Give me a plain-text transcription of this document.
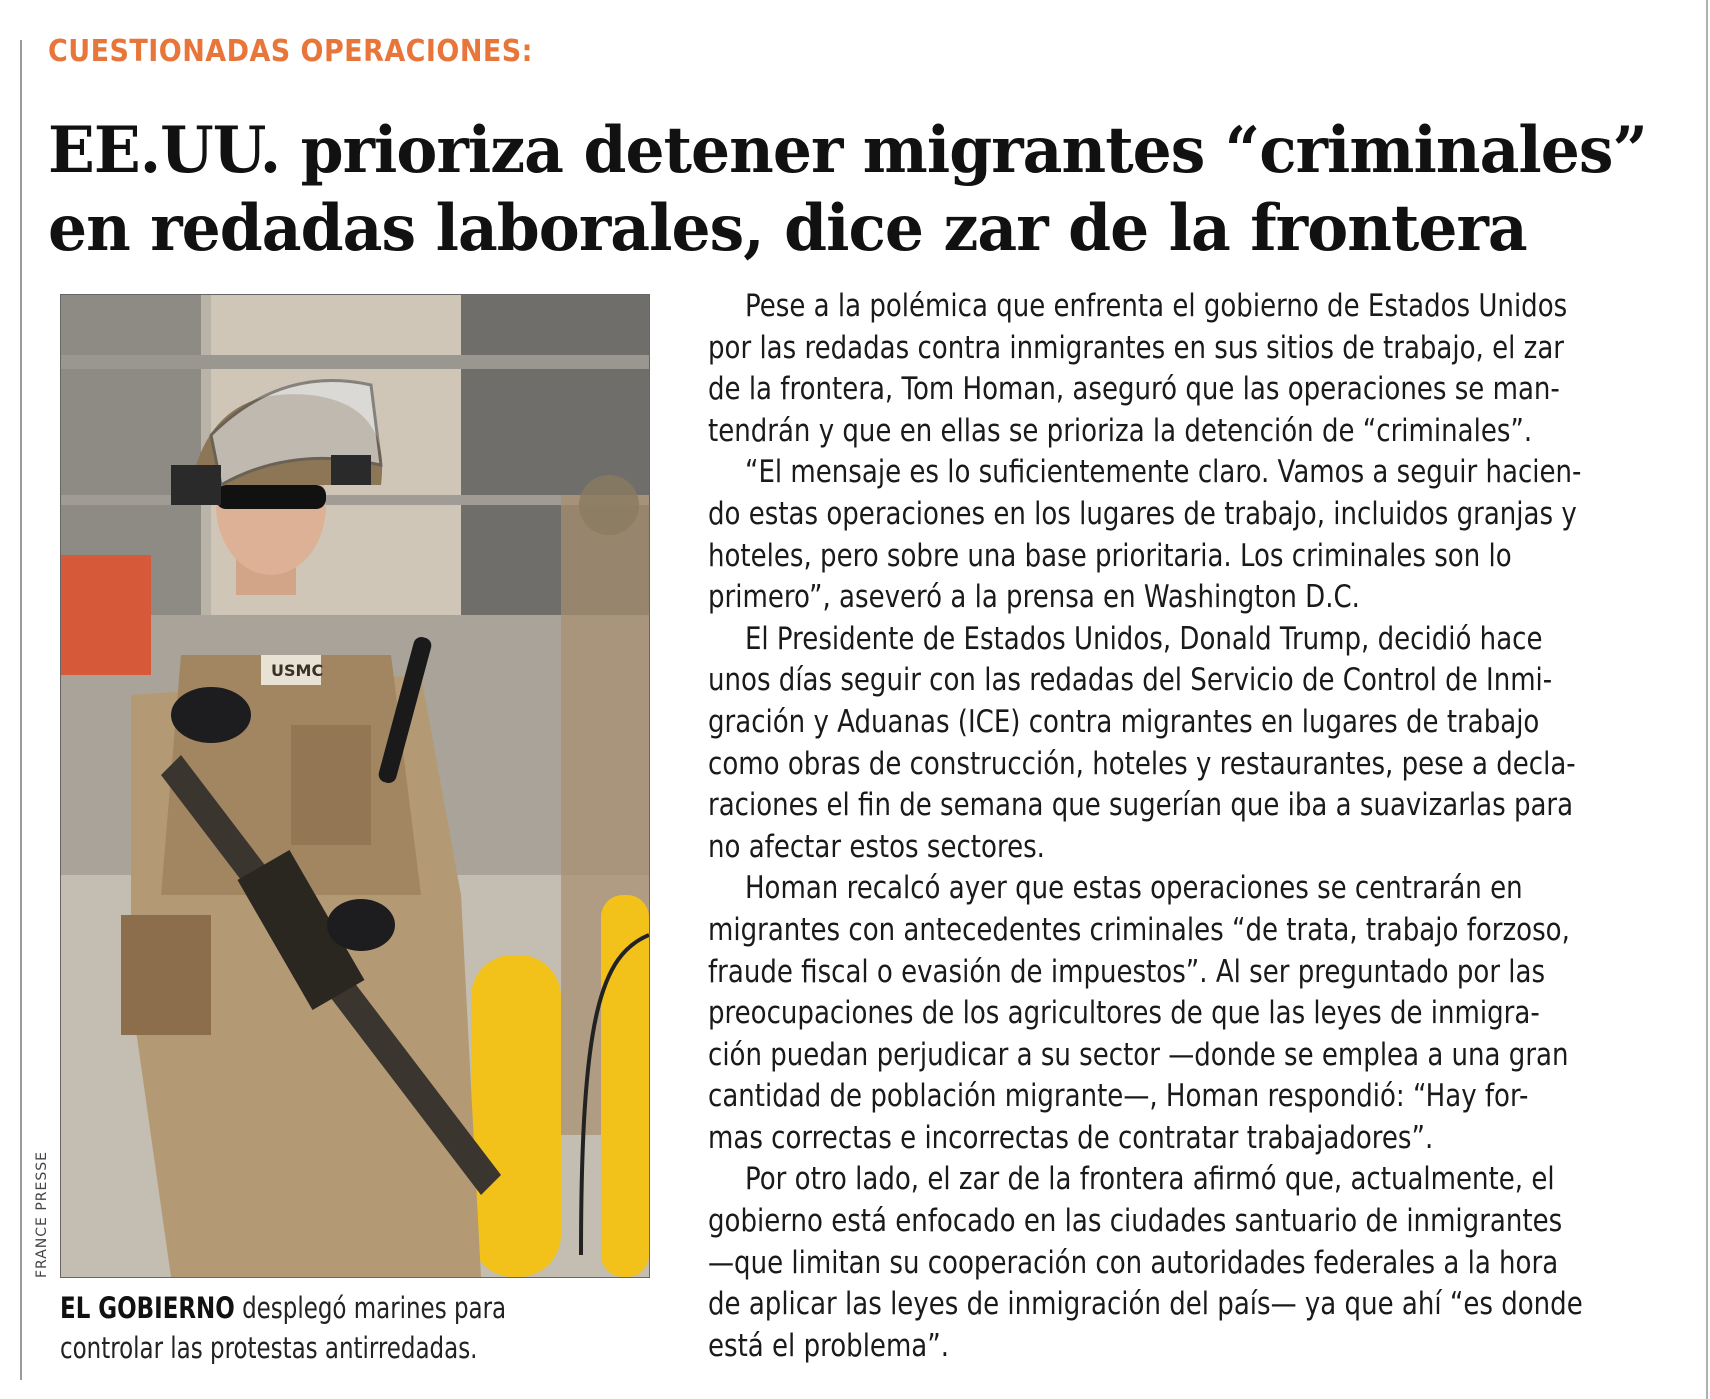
CUESTIONADAS OPERACIONES:
EE.UU. prioriza detener migrantes “criminales”
en redadas laborales, dice zar de la frontera
USMC
FRANCE PRESSE
EL GOBIERNO desplegó marines para
controlar las protestas antirredadas.
Pese a la polémica que enfrenta el gobierno de Estados Unidos
por las redadas contra inmigrantes en sus sitios de trabajo, el zar
de la frontera, Tom Homan, aseguró que las operaciones se man-
tendrán y que en ellas se prioriza la detención de “criminales”.
“El mensaje es lo suficientemente claro. Vamos a seguir hacien-
do estas operaciones en los lugares de trabajo, incluidos granjas y
hoteles, pero sobre una base prioritaria. Los criminales son lo
primero”, aseveró a la prensa en Washington D.C.
El Presidente de Estados Unidos, Donald Trump, decidió hace
unos días seguir con las redadas del Servicio de Control de Inmi-
gración y Aduanas (ICE) contra migrantes en lugares de trabajo
como obras de construcción, hoteles y restaurantes, pese a decla-
raciones el fin de semana que sugerían que iba a suavizarlas para
no afectar estos sectores.
Homan recalcó ayer que estas operaciones se centrarán en
migrantes con antecedentes criminales “de trata, trabajo forzoso,
fraude fiscal o evasión de impuestos”. Al ser preguntado por las
preocupaciones de los agricultores de que las leyes de inmigra-
ción puedan perjudicar a su sector —donde se emplea a una gran
cantidad de población migrante—, Homan respondió: “Hay for-
mas correctas e incorrectas de contratar trabajadores”.
Por otro lado, el zar de la frontera afirmó que, actualmente, el
gobierno está enfocado en las ciudades santuario de inmigrantes
—que limitan su cooperación con autoridades federales a la hora
de aplicar las leyes de inmigración del país— ya que ahí “es donde
está el problema”.
